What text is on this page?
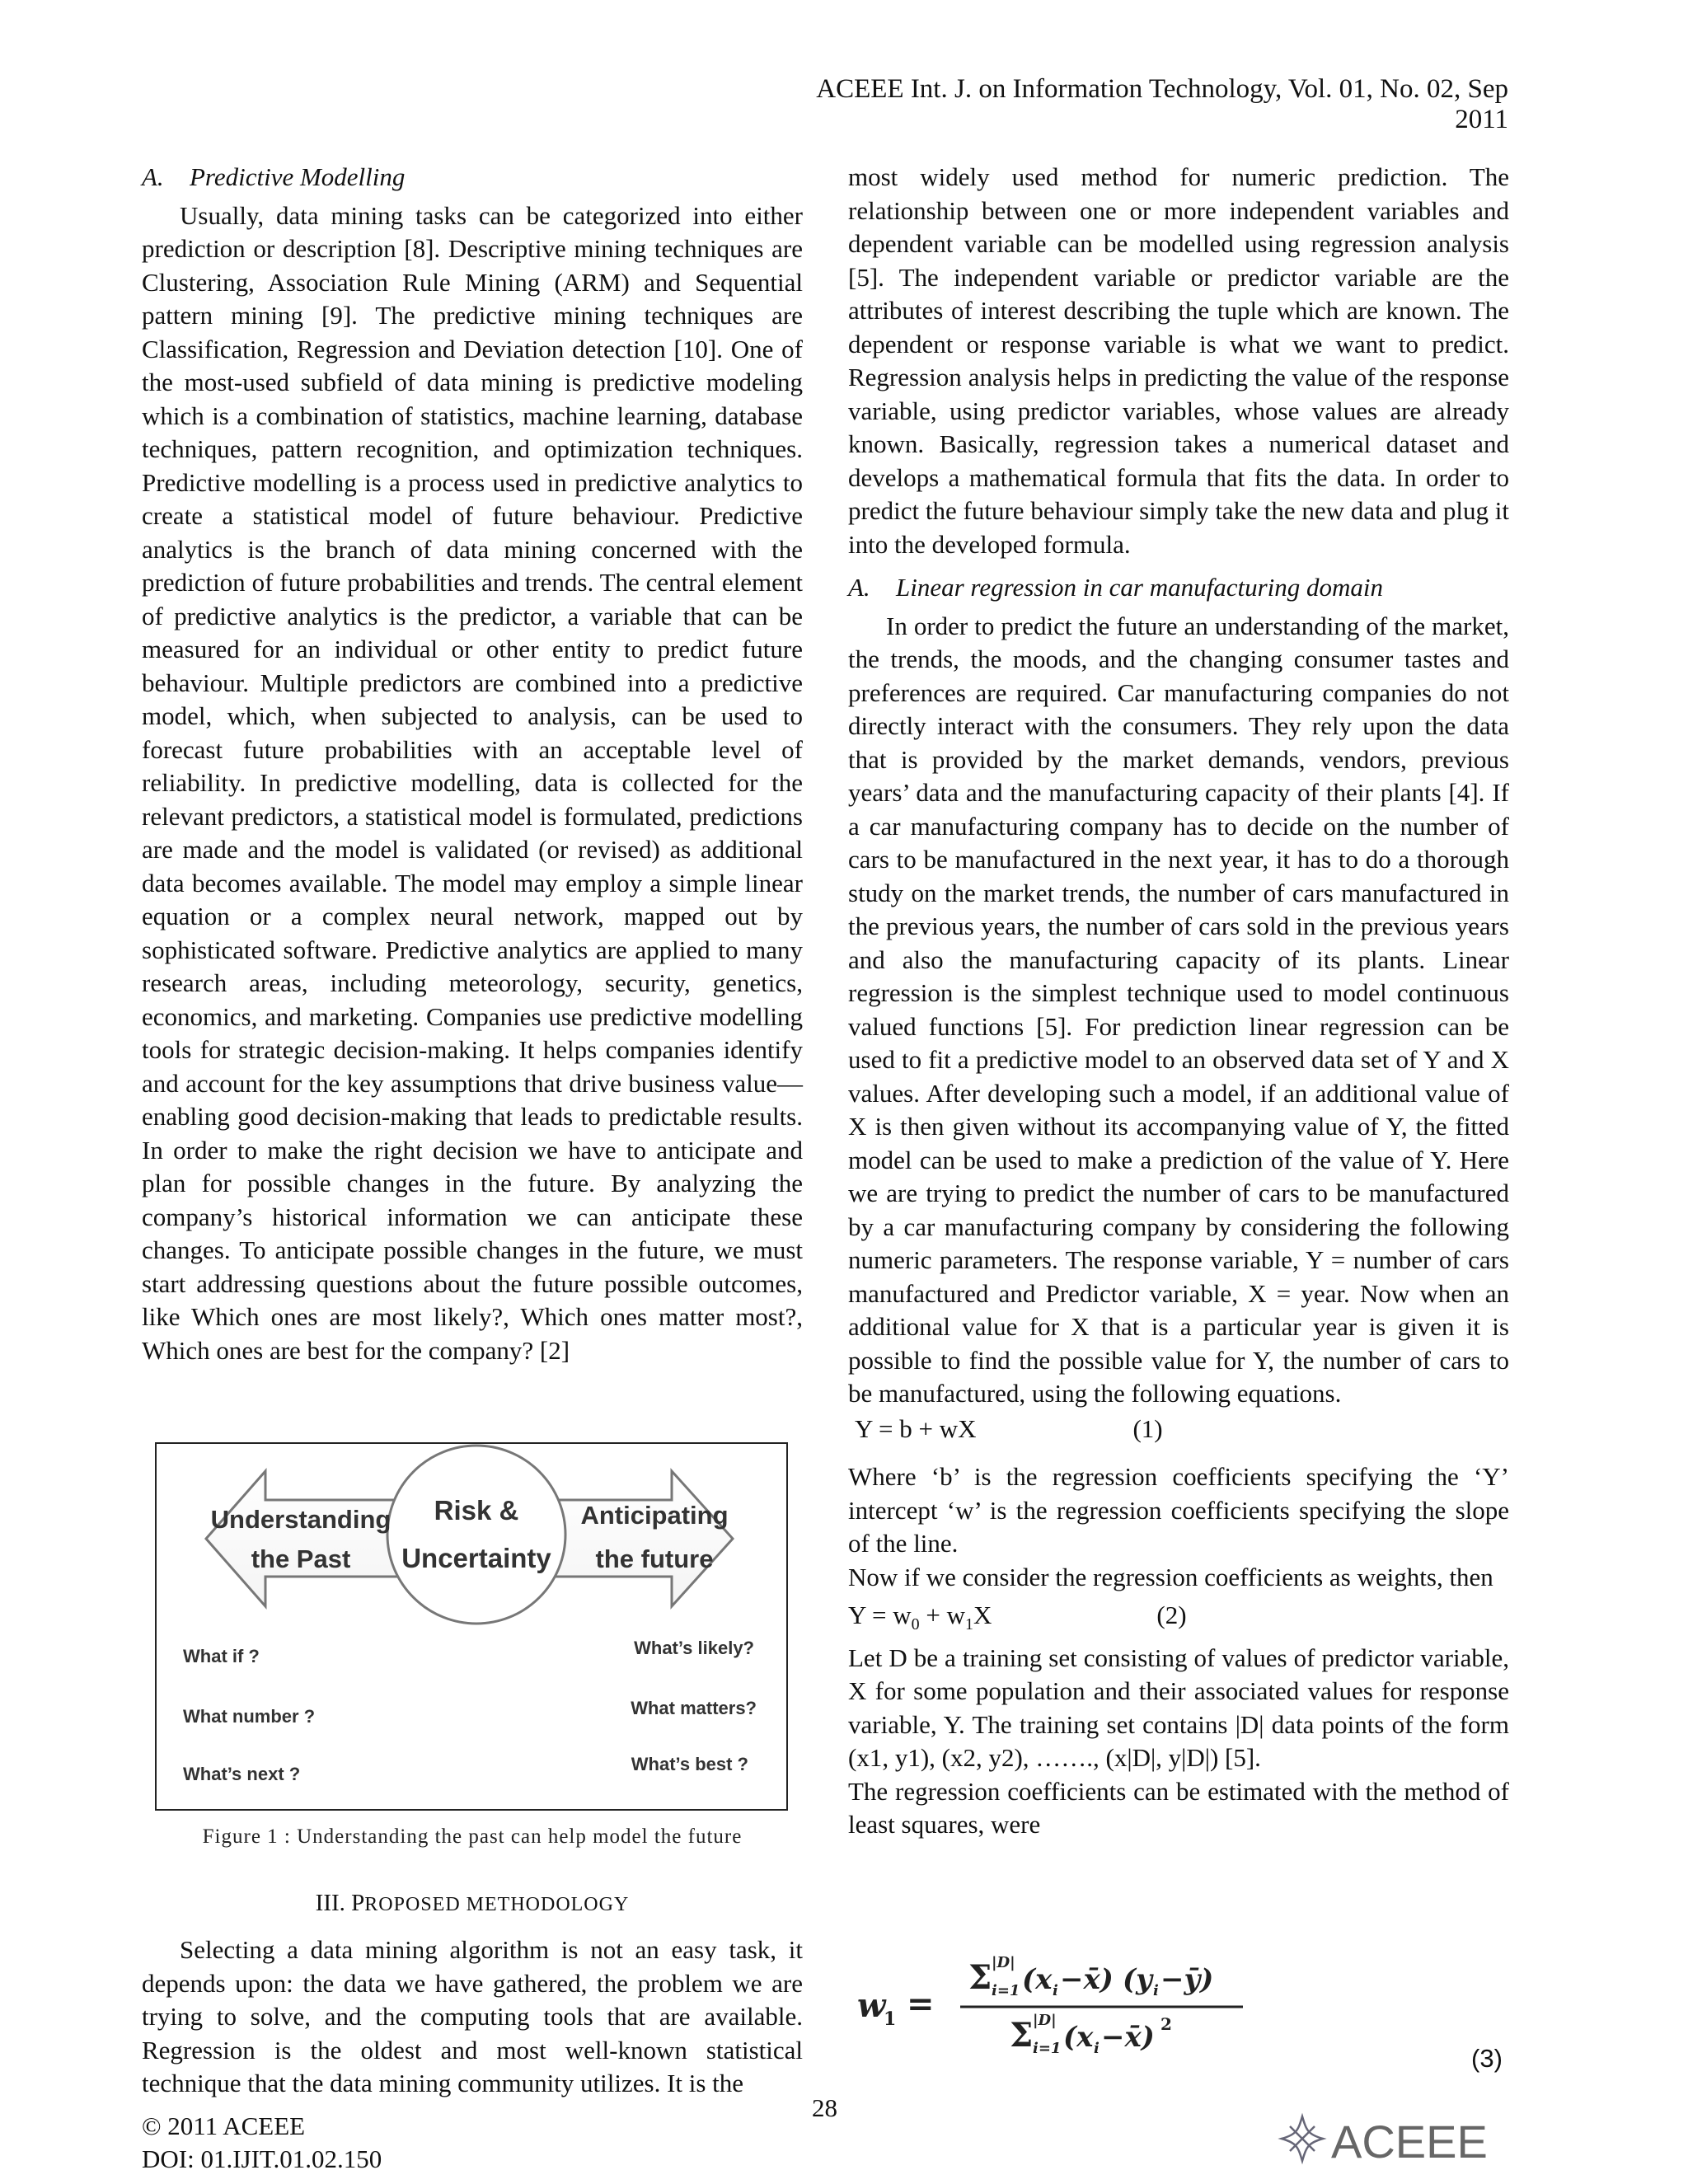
ACEEE Int. J. on Information Technology, Vol. 01, No. 02, Sep 2011
A. Predictive Modelling

Usually, data mining tasks can be categorized into either prediction or description [8]. Descriptive mining techniques are Clustering, Association Rule Mining (ARM) and Sequential pattern mining [9]. The predictive mining techniques are Classification, Regression and Deviation detection [10]. One of the most-used subfield of data mining is predictive modeling which is a combination of statistics, machine learning, database techniques, pattern recognition, and optimization techniques. Predictive modelling is a process used in predictive analytics to create a statistical model of future behaviour. Predictive analytics is the branch of data mining concerned with the prediction of future probabilities and trends. The central element of predictive analytics is the predictor, a variable that can be measured for an individual or other entity to predict future behaviour. Multiple predictors are combined into a predictive model, which, when subjected to analysis, can be used to forecast future probabilities with an acceptable level of reliability. In predictive modelling, data is collected for the relevant predictors, a statistical model is formulated, predictions are made and the model is validated (or revised) as additional data becomes available. The model may employ a simple linear equation or a complex neural network, mapped out by sophisticated software. Predictive analytics are applied to many research areas, including meteorology, security, genetics, economics, and marketing. Companies use predictive modelling tools for strategic decision-making. It helps companies identify and account for the key assumptions that drive business value—enabling good decision-making that leads to predictable results. In order to make the right decision we have to anticipate and plan for possible changes in the future. By analyzing the company’s historical information we can anticipate these changes. To anticipate possible changes in the future, we must start addressing questions about the future possible outcomes, like Which ones are most likely?, Which ones matter most?, Which ones are best for the company? [2]

Understanding
the Past
Risk &
Uncertainty
Anticipating
the future
What if ?
What number ?
What’s next ?
What’s likely?
What matters?
What’s best ?
Figure 1 : Understanding the past can help model the future
III. PROPOSED METHODOLOGY

Selecting a data mining algorithm is not an easy task, it depends upon: the data we have gathered, the problem we are trying to solve, and the computing tools that are available. Regression is the oldest and most well-known statistical technique that the data mining community utilizes. It is the

most widely used method for numeric prediction. The relationship between one or more independent variables and dependent variable can be modelled using regression analysis [5]. The independent variable or predictor variable are the attributes of interest describing the tuple which are known. The dependent or response variable is what we want to predict. Regression analysis helps in predicting the value of the response variable, using predictor variables, whose values are already known. Basically, regression takes a numerical dataset and develops a mathematical formula that fits the data. In order to predict the future behaviour simply take the new data and plug it into the developed formula.

A. Linear regression in car manufacturing domain

In order to predict the future an understanding of the market, the trends, the moods, and the changing consumer tastes and preferences are required. Car manufacturing companies do not directly interact with the consumers. They rely upon the data that is provided by the market demands, vendors, previous years’ data and the manufacturing capacity of their plants [4]. If a car manufacturing company has to decide on the number of cars to be manufactured in the next year, it has to do a thorough study on the market trends, the number of cars manufactured in the previous years, the number of cars sold in the previous years and also the manufacturing capacity of its plants. Linear regression is the simplest technique used to model continuous valued functions [5]. For prediction linear regression can be used to fit a predictive model to an observed data set of Y and X values. After developing such a model, if an additional value of X is then given without its accompanying value of Y, the fitted model can be used to make a prediction of the value of Y. Here we are trying to predict the number of cars to be manufactured by a car manufacturing company by considering the following numeric parameters. The response variable, Y = number of cars manufactured and Predictor variable, X = year. Now when an additional value for X that is a particular year is given it is possible to find the possible value for Y, the number of cars to be manufactured, using the following equations.

Y = b + wX	(1)

Where ‘b’ is the regression coefficients specifying the ‘Y’ intercept ‘w’ is the regression coefficients specifying the slope of the line.

Now if we consider the regression coefficients as weights, then

$Y = w_0 + w_1X$	(2)

Let D be a training set consisting of values of predictor variable, X for some population and their associated values for response variable, Y. The training set contains |D| data points of the form (x1, y1), (x2, y2), ……., (x|D|, y|D|) [5].

The regression coefficients can be estimated with the method of least squares, were

w
1 =
Σ |D|
i=1 (x i −x̄) (y i −ȳ)
Σ |D|
i=1 (x i −x̄) 2
(3)
28
© 2011 ACEEE
DOI: 01.IJIT.01.02.150	ACEEE
